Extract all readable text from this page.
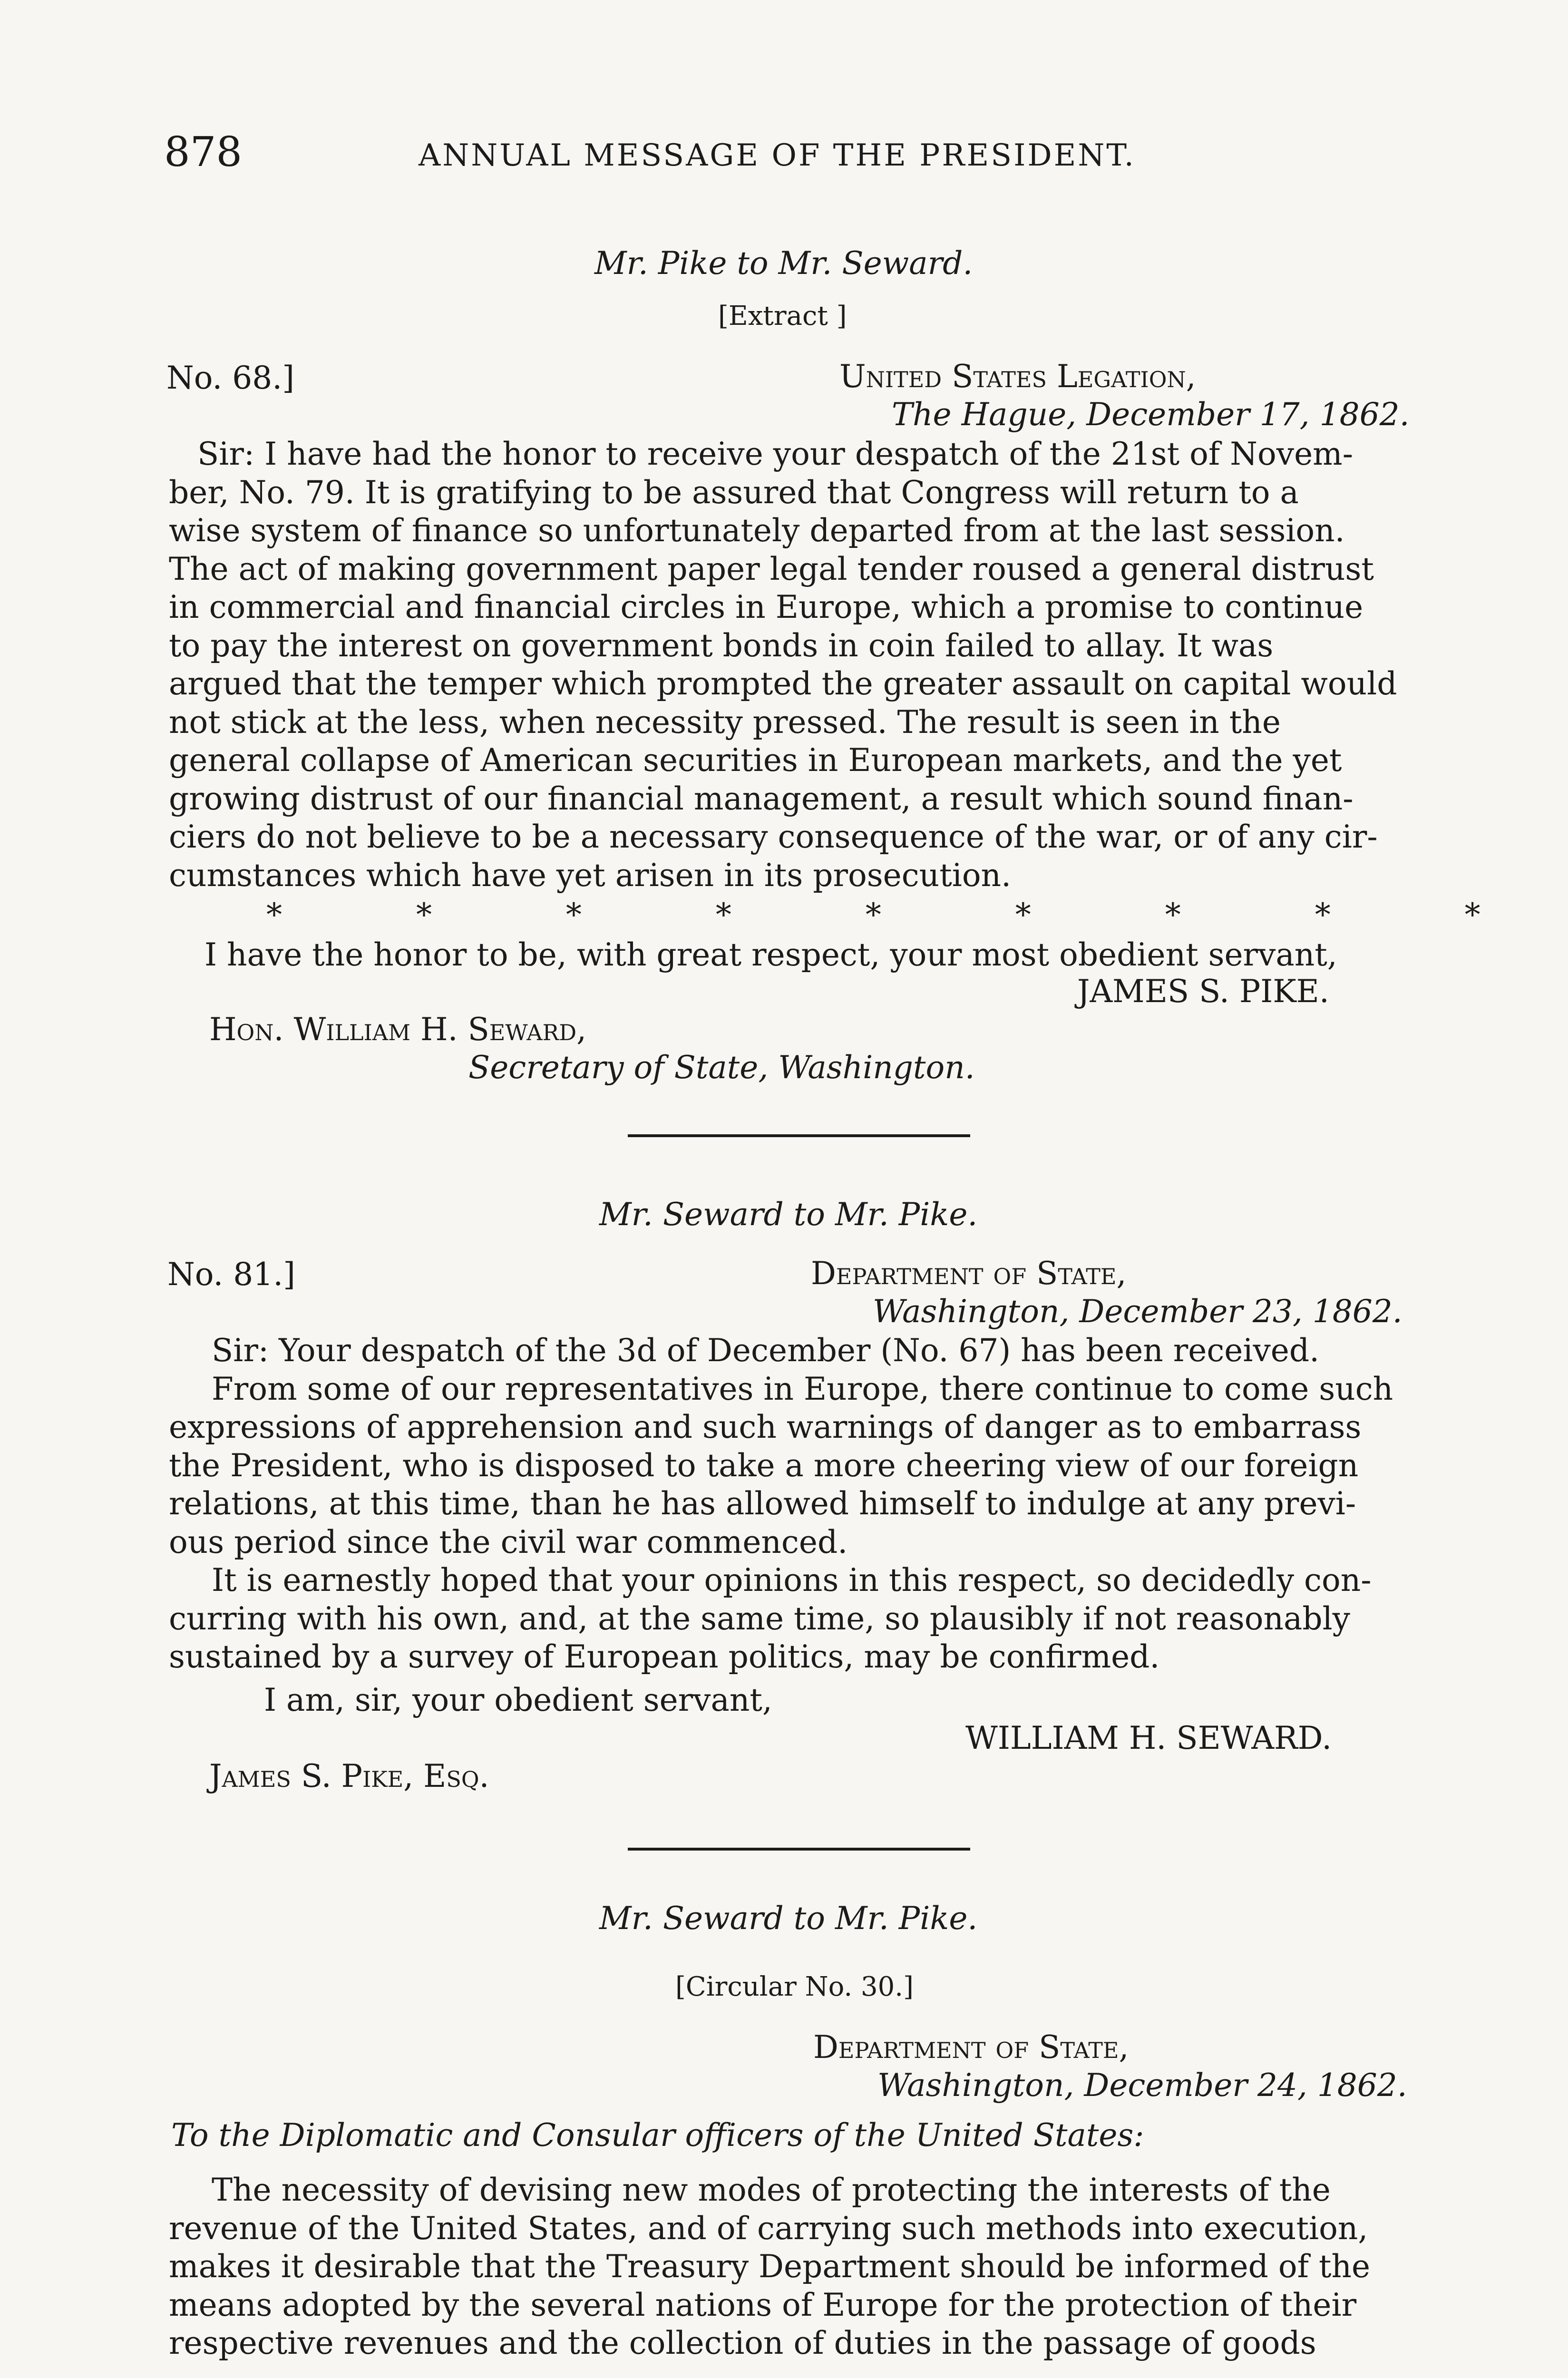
878	ANNUAL MESSAGE OF THE PRESIDENT.
Mr. Pike to Mr. Seward.
[Extract ]
No. 68.]	United States Legation,
The Hague, December 17, 1862.
Sir: I have had the honor to receive your despatch of the 21st of Novem-
ber, No. 79. It is gratifying to be assured that Congress will return to a
wise system of finance so unfortunately departed from at the last session.
The act of making government paper legal tender roused a general distrust
in commercial and financial circles in Europe, which a promise to continue
to pay the interest on government bonds in coin failed to allay. It was
argued that the temper which prompted the greater assault on capital would
not stick at the less, when necessity pressed. The result is seen in the
general collapse of American securities in European markets, and the yet
growing distrust of our financial management, a result which sound finan-
ciers do not believe to be a necessary consequence of the war, or of any cir-
cumstances which have yet arisen in its prosecution.
*  *  *  *  *  *  *  *  *
I have the honor to be, with great respect, your most obedient servant,
JAMES S. PIKE.
Hon. William H. Seward,
Secretary of State, Washington.
Mr. Seward to Mr. Pike.
No. 81.]	Department of State,
Washington, December 23, 1862.
Sir: Your despatch of the 3d of December (No. 67) has been received.
From some of our representatives in Europe, there continue to come such
expressions of apprehension and such warnings of danger as to embarrass
the President, who is disposed to take a more cheering view of our foreign
relations, at this time, than he has allowed himself to indulge at any previ-
ous period since the civil war commenced.
It is earnestly hoped that your opinions in this respect, so decidedly con-
curring with his own, and, at the same time, so plausibly if not reasonably
sustained by a survey of European politics, may be confirmed.
I am, sir, your obedient servant,
WILLIAM H. SEWARD.
James S. Pike, Esq.
Mr. Seward to Mr. Pike.
[Circular No. 30.]
Department of State,
Washington, December 24, 1862.
To the Diplomatic and Consular officers of the United States:
The necessity of devising new modes of protecting the interests of the
revenue of the United States, and of carrying such methods into execution,
makes it desirable that the Treasury Department should be informed of the
means adopted by the several nations of Europe for the protection of their
respective revenues and the collection of duties in the passage of goods
